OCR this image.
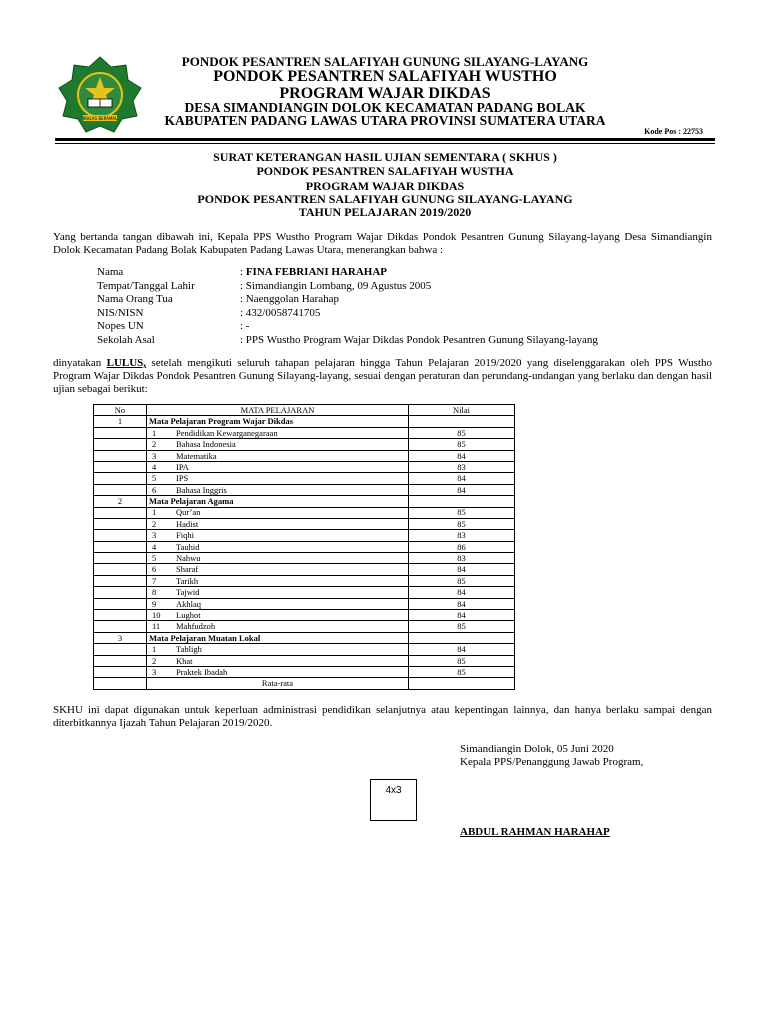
IKHLAS BERAMAL
PONDOK PESANTREN SALAFIYAH GUNUNG SILAYANG-LAYANG
PONDOK PESANTREN SALAFIYAH WUSTHO
PROGRAM WAJAR DIKDAS
DESA SIMANDIANGIN DOLOK KECAMATAN PADANG BOLAK
KABUPATEN PADANG LAWAS UTARA PROVINSI SUMATERA UTARA
Kode Pos : 22753
SURAT KETERANGAN HASIL UJIAN SEMENTARA ( SKHUS )
PONDOK PESANTREN SALAFIYAH WUSTHA
PROGRAM WAJAR DIKDAS
PONDOK PESANTREN SALAFIYAH GUNUNG SILAYANG-LAYANG
TAHUN PELAJARAN 2019/2020
Yang bertanda tangan dibawah ini, Kepala PPS Wustho Program Wajar Dikdas Pondok Pesantren Gunung Silayang-layang Desa Simandiangin Dolok Kecamatan Padang Bolak Kabupaten Padang Lawas Utara, menerangkan bahwa :
Nama	: FINA FEBRIANI HARAHAP
Tempat/Tanggal Lahir	: Simandiangin Lombang, 09 Agustus 2005
Nama Orang Tua	: Naenggolan Harahap
NIS/NISN	: 432/0058741705
Nopes UN	: -
Sekolah Asal	: PPS Wustho Program Wajar Dikdas Pondok Pesantren Gunung Silayang-layang
dinyatakan LULUS, setelah mengikuti seluruh tahapan pelajaran hingga Tahun Pelajaran 2019/2020 yang diselenggarakan oleh PPS Wustho Program Wajar Dikdas Pondok Pesantren Gunung Silayang-layang, sesuai dengan peraturan dan perundang-undangan yang berlaku dan dengan hasil ujian sebagai berikut:
No	MATA PELAJARAN	Nilai
1	Mata Pelajaran Program Wajar Dikdas	
	1 Pendidikan Kewarganegaraan	85
	2 Bahasa Indonesia	85
	3 Matematika	84
	4 IPA	83
	5 IPS	84
	6 Bahasa Inggris	84
2	Mata Pelajaran Agama	
	1 Qur’an	85
	2 Hadist	85
	3 Fiqhi	83
	4 Tauhid	86
	5 Nahwu	83
	6 Sharaf	84
	7 Tarikh	85
	8 Tajwid	84
	9 Akhlaq	84
	10 Lughot	84
	11 Mahfudzoh	85
3	Mata Pelajaran Muatan Lokal	
	1 Tabligh	84
	2 Khat	85
	3 Praktek Ibadah	85
	Rata-rata	
SKHU ini dapat digunakan untuk keperluan administrasi pendidikan selanjutnya atau kepentingan lainnya, dan hanya berlaku sampai dengan diterbitkannya Ijazah Tahun Pelajaran 2019/2020.
Simandiangin Dolok, 05 Juni 2020
Kepala PPS/Penanggung Jawab Program,
4x3
ABDUL RAHMAN HARAHAP
